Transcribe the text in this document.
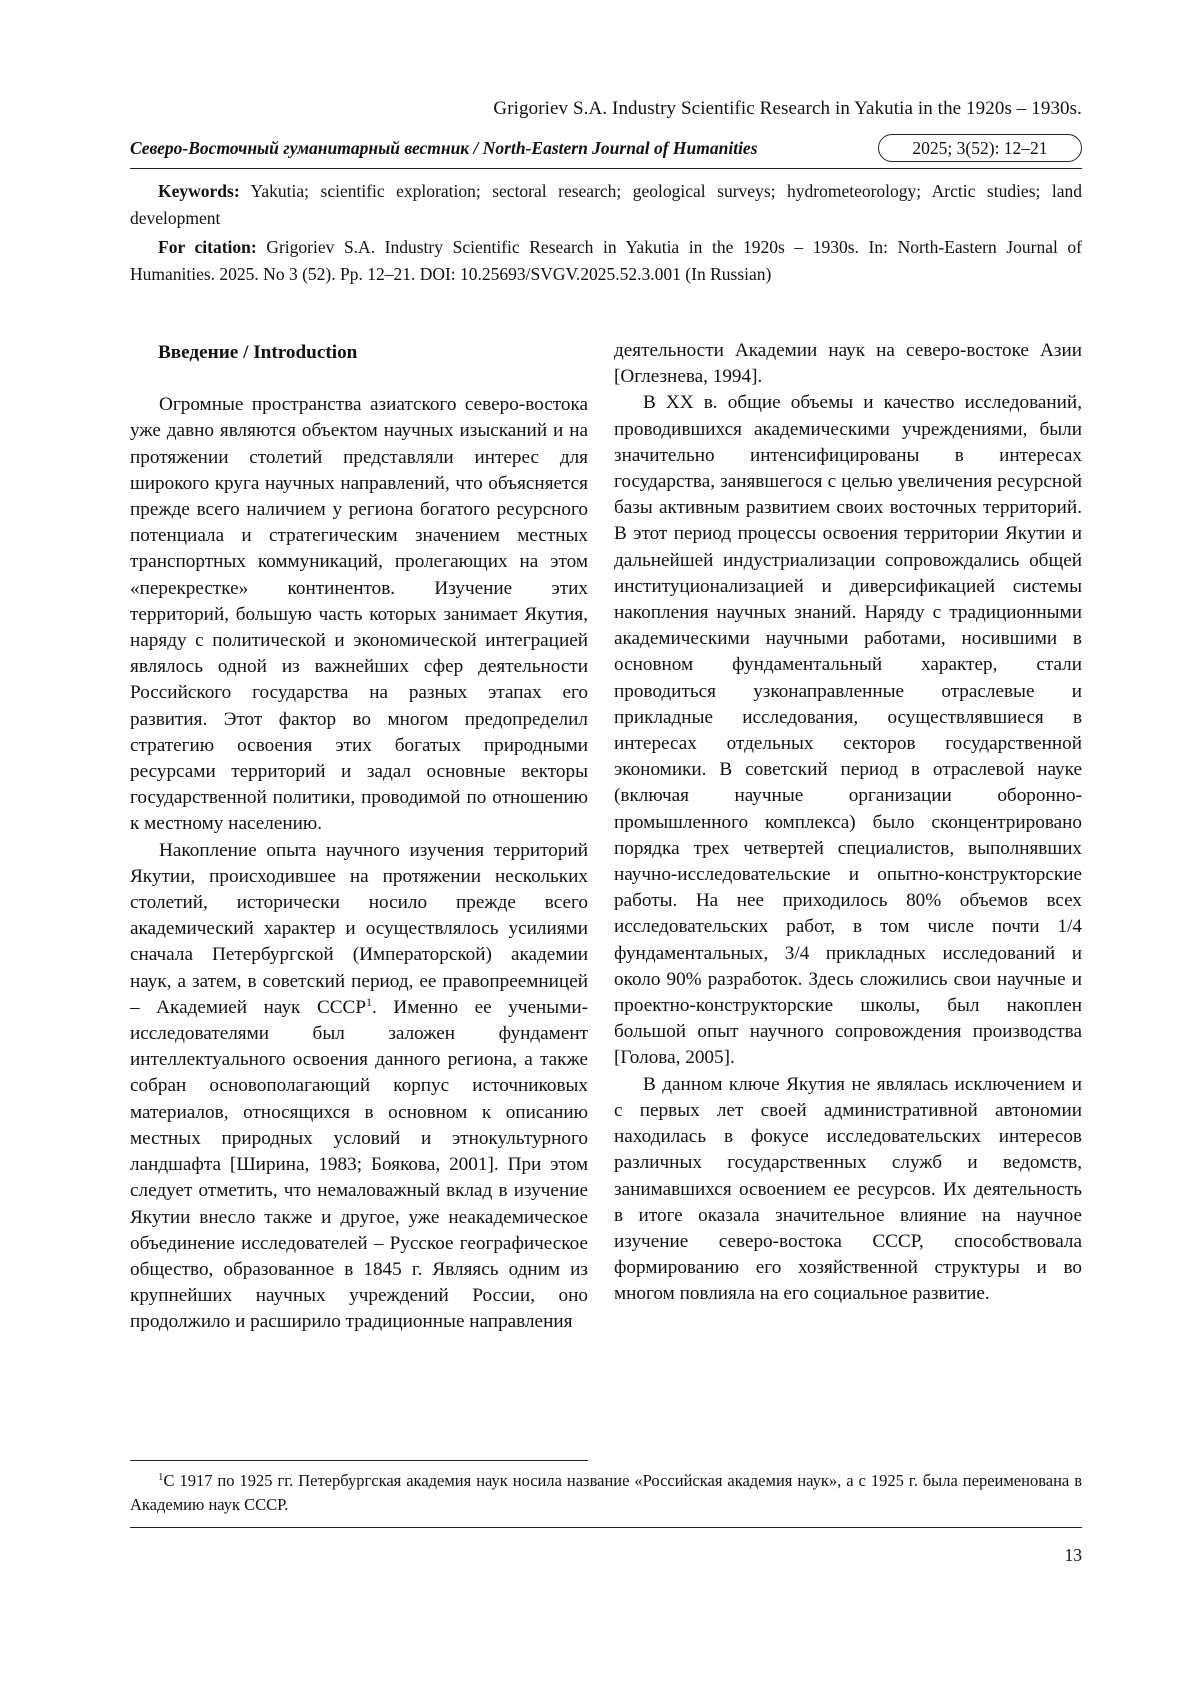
Grigoriev S.A. Industry Scientific Research in Yakutia in the 1920s – 1930s.
Северо-Восточный гуманитарный вестник / North-Eastern Journal of Humanities	2025; 3(52): 12–21
Keywords: Yakutia; scientific exploration; sectoral research; geological surveys; hydrometeorology; Arctic studies; land development
For citation: Grigoriev S.A. Industry Scientific Research in Yakutia in the 1920s – 1930s. In: North-Eastern Journal of Humanities. 2025. No 3 (52). Pp. 12–21. DOI: 10.25693/SVGV.2025.52.3.001 (In Russian)
Введение / Introduction

Огромные пространства азиатского северо-востока уже давно являются объектом научных изысканий и на протяжении столетий представляли интерес для широкого круга научных направлений, что объясняется прежде всего наличием у региона богатого ресурсного потенциала и стратегическим значением местных транспортных коммуникаций, пролегающих на этом «перекрестке» континентов. Изучение этих территорий, большую часть которых занимает Якутия, наряду с политической и экономической интеграцией являлось одной из важнейших сфер деятельности Российского государства на разных этапах его развития. Этот фактор во многом предопределил стратегию освоения этих богатых природными ресурсами территорий и задал основные векторы государственной политики, проводимой по отношению к местному населению.

Накопление опыта научного изучения территорий Якутии, происходившее на протяжении нескольких столетий, исторически носило прежде всего академический характер и осуществлялось усилиями сначала Петербургской (Императорской) академии наук, а затем, в советский период, ее правопреемницей – Академией наук СССР$^1$. Именно ее учеными-исследователями был заложен фундамент интеллектуального освоения данного региона, а также собран основополагающий корпус источниковых материалов, относящихся в основном к описанию местных природных условий и этнокультурного ландшафта [Ширина, 1983; Боякова, 2001]. При этом следует отметить, что немаловажный вклад в изучение Якутии внесло также и другое, уже неакадемическое объединение исследователей – Русское географическое общество, образованное в 1845 г. Являясь одним из крупнейших научных учреждений России, оно продолжило и расширило традиционные направления

деятельности Академии наук на северо-востоке Азии [Оглезнева, 1994].

В XX в. общие объемы и качество исследований, проводившихся академическими учреждениями, были значительно интенсифицированы в интересах государства, занявшегося с целью увеличения ресурсной базы активным развитием своих восточных территорий. В этот период процессы освоения территории Якутии и дальнейшей индустриализации сопровождались общей институционализацией и диверсификацией системы накопления научных знаний. Наряду с традиционными академическими научными работами, носившими в основном фундаментальный характер, стали проводиться узконаправленные отраслевые и прикладные исследования, осуществлявшиеся в интересах отдельных секторов государственной экономики. В советский период в отраслевой науке (включая научные организации оборонно-промышленного комплекса) было сконцентрировано порядка трех четвертей специалистов, выполнявших научно-исследовательские и опытно-конструкторские работы. На нее приходилось 80% объемов всех исследовательских работ, в том числе почти 1/4 фундаментальных, 3/4 прикладных исследований и около 90% разработок. Здесь сложились свои научные и проектно-конструкторские школы, был накоплен большой опыт научного сопровождения производства [Голова, 2005].

В данном ключе Якутия не являлась исключением и с первых лет своей административной автономии находилась в фокусе исследовательских интересов различных государственных служб и ведомств, занимавшихся освоением ее ресурсов. Их деятельность в итоге оказала значительное влияние на научное изучение северо-востока СССР, способствовала формированию его хозяйственной структуры и во многом повлияла на его социальное развитие.

$^1$С 1917 по 1925 гг. Петербургская академия наук носила название «Российская академия наук», а с 1925 г. была переименована в Академию наук СССР.
13
